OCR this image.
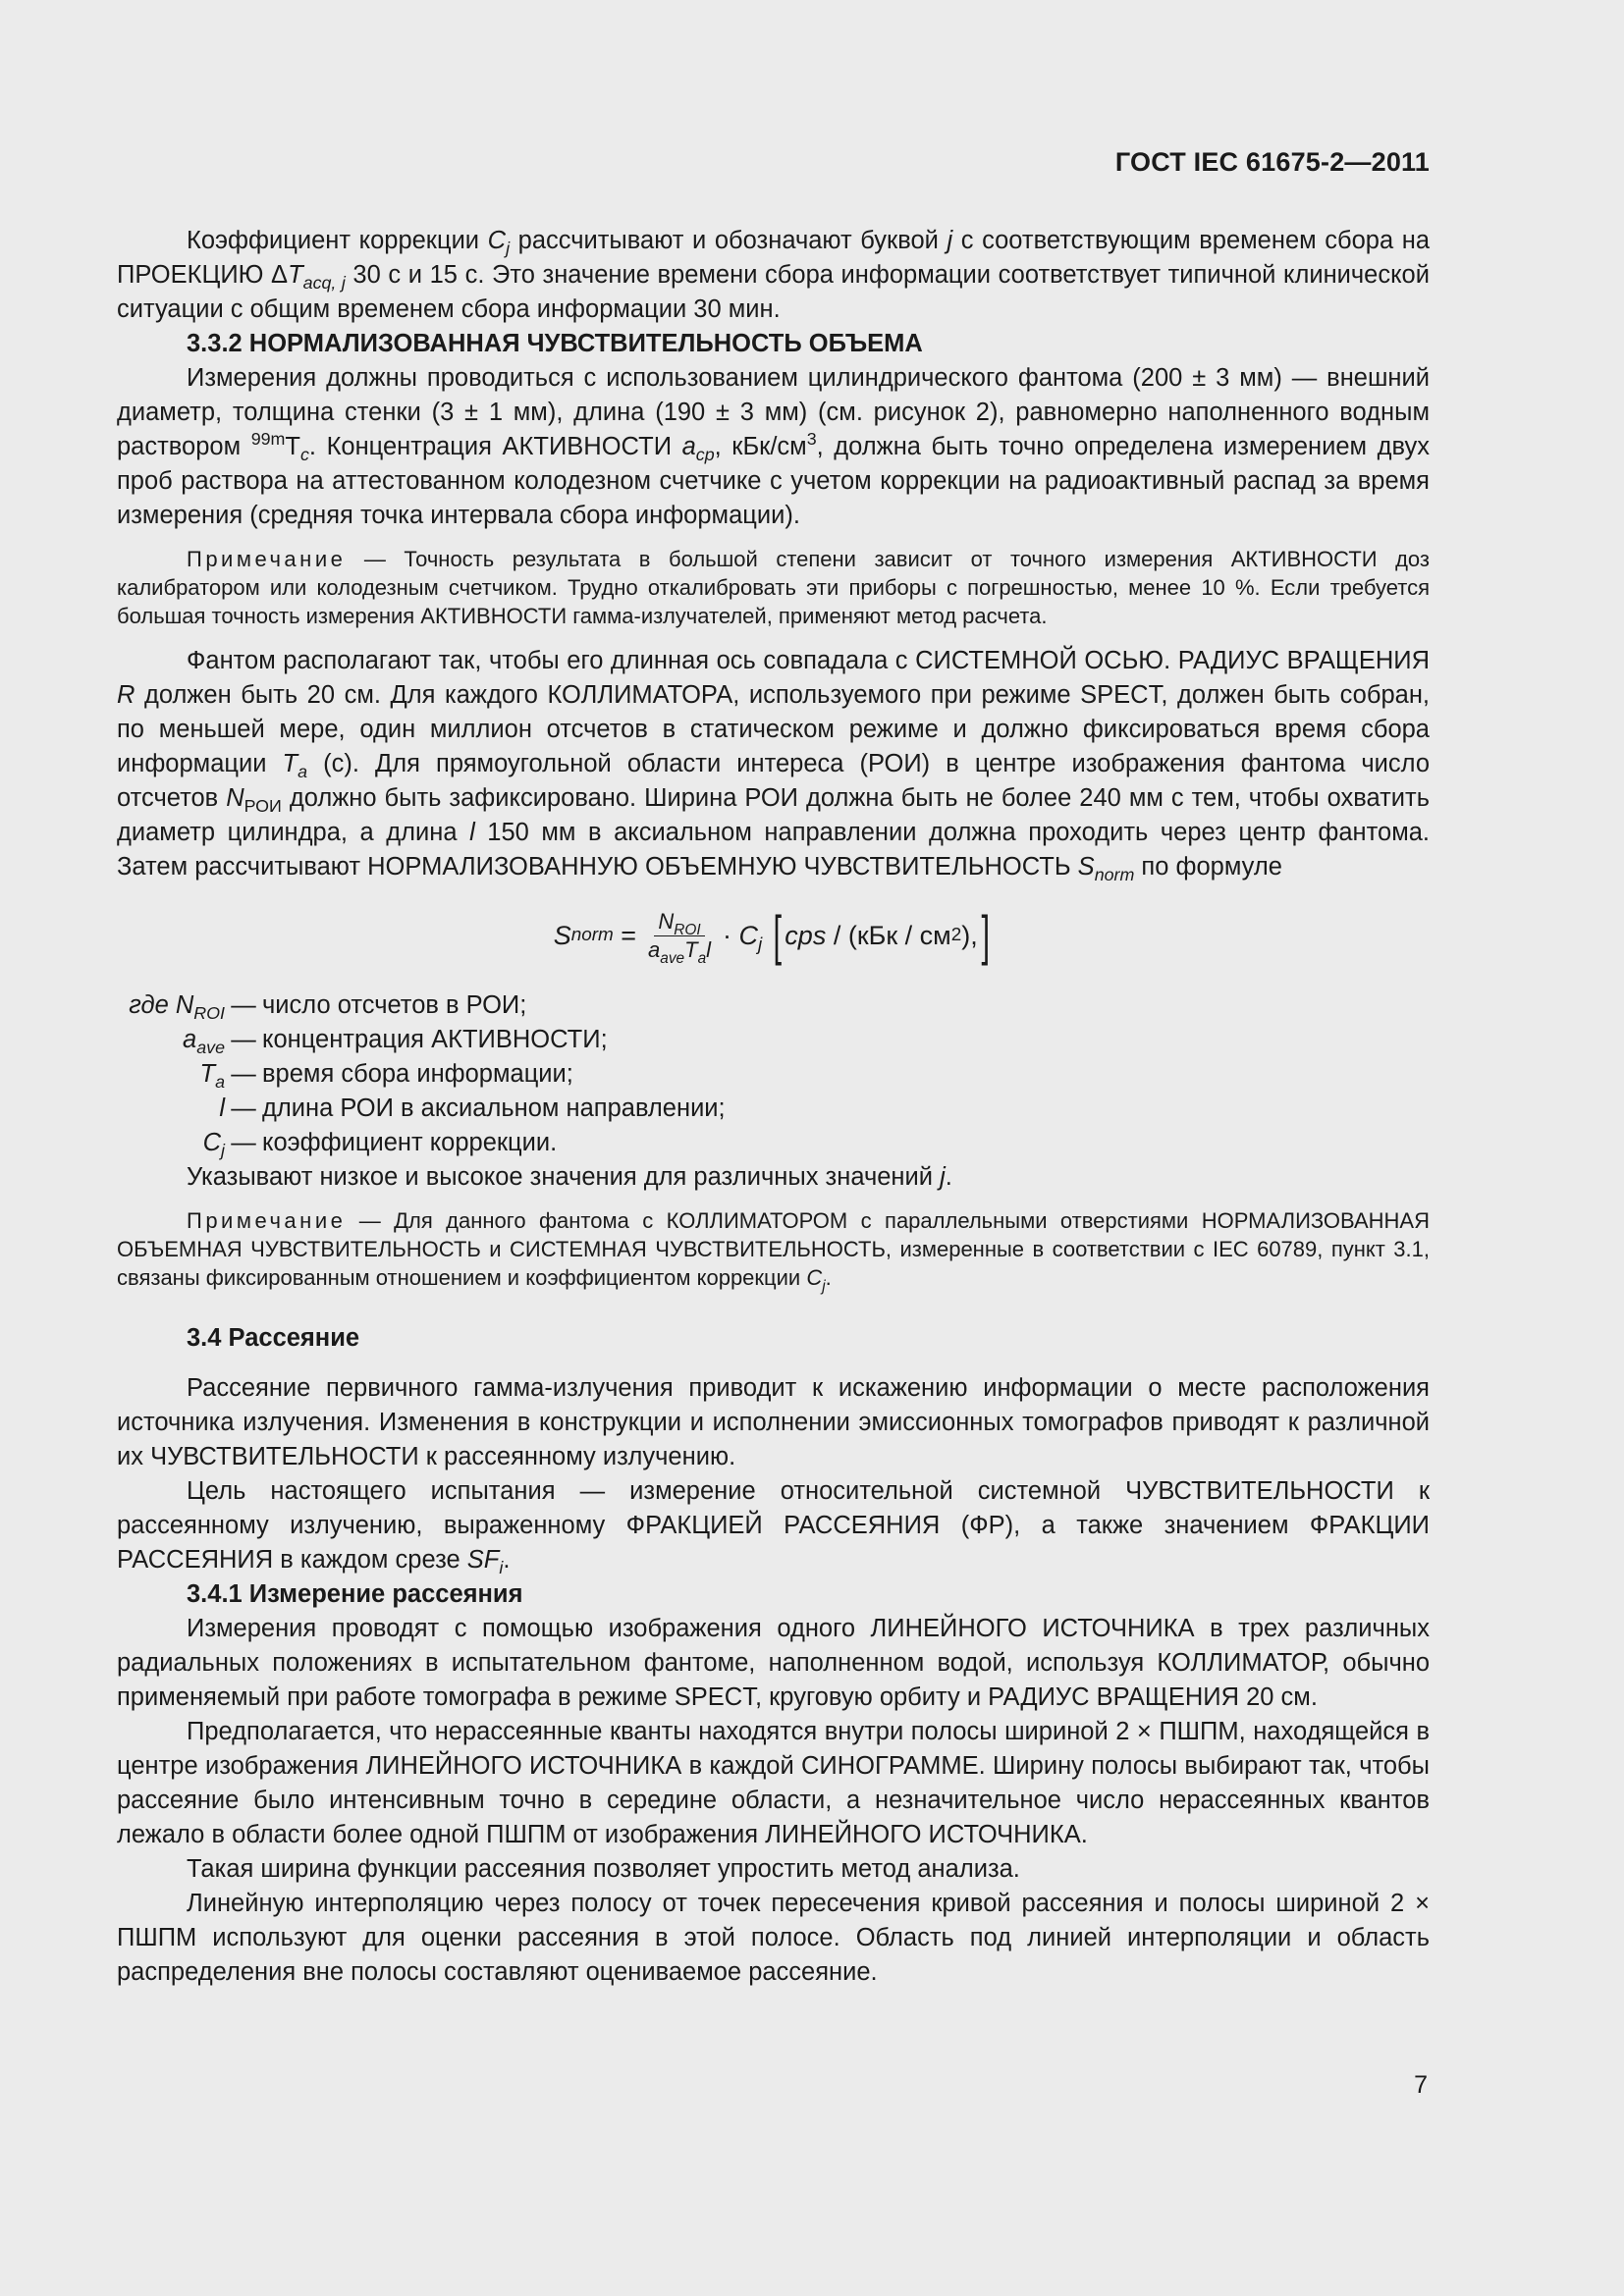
ГОСТ IEC 61675-2—2011

Коэффициент коррекции $C_j$ рассчитывают и обозначают буквой j с соответствующим временем сбора на ПРОЕКЦИЮ $\Delta T_{acq, j}$ 30 с и 15 с. Это значение времени сбора информации соответствует типичной клинической ситуации с общим временем сбора информации 30 мин.

3.3.2 НОРМАЛИЗОВАННАЯ ЧУВСТВИТЕЛЬНОСТЬ ОБЪЕМА

Измерения должны проводиться с использованием цилиндрического фантома (200 ± 3 мм) — внешний диаметр, толщина стенки (3 ± 1 мм), длина (190 ± 3 мм) (см. рисунок 2), равномерно наполненного водным раствором $^{99m}T_c$. Концентрация АКТИВНОСТИ $a_{cp}$, кБк/$см^3$, должна быть точно определена измерением двух проб раствора на аттестованном колодезном счетчике с учетом коррекции на радиоактивный распад за время измерения (средняя точка интервала сбора информации).

Примечание — Точность результата в большой степени зависит от точного измерения АКТИВНОСТИ доз калибратором или колодезным счетчиком. Трудно откалибровать эти приборы с погрешностью, менее 10 %. Если требуется большая точность измерения АКТИВНОСТИ гамма-излучателей, применяют метод расчета.

Фантом располагают так, чтобы его длинная ось совпадала с СИСТЕМНОЙ ОСЬЮ. РАДИУС ВРАЩЕНИЯ R должен быть 20 см. Для каждого КОЛЛИМАТОРА, используемого при режиме SPECT, должен быть собран, по меньшей мере, один миллион отсчетов в статическом режиме и должно фиксироваться время сбора информации $T_a$ (с). Для прямоугольной области интереса (РОИ) в центре изображения фантома число отсчетов $N_{РОИ}$ должно быть зафиксировано. Ширина РОИ должна быть не более 240 мм с тем, чтобы охватить диаметр цилиндра, а длина l 150 мм в аксиальном направлении должна проходить через центр фантома. Затем рассчитывают НОРМАЛИЗОВАННУЮ ОБЪЕМНУЮ ЧУВСТВИТЕЛЬНОСТЬ $S_{norm}$ по формуле

S norm = $\frac{N_{ROI}}{a_{ave}T_al} \cdot C_j$
[ cps / (кБк / см 2 ), ]
где $N_{ROI}$ — число отсчетов в РОИ;
$a_{ave}$ — концентрация АКТИВНОСТИ;
$T_a$ — время сбора информации;
l — длина РОИ в аксиальном направлении;
$C_j$ — коэффициент коррекции.

Указывают низкое и высокое значения для различных значений j.

Примечание — Для данного фантома с КОЛЛИМАТОРОМ с параллельными отверстиями НОРМАЛИЗОВАННАЯ ОБЪЕМНАЯ ЧУВСТВИТЕЛЬНОСТЬ и СИСТЕМНАЯ ЧУВСТВИТЕЛЬНОСТЬ, измеренные в соответствии с IEC 60789, пункт 3.1, связаны фиксированным отношением и коэффициентом коррекции $C_j$.
3.4 Рассеяние

Рассеяние первичного гамма-излучения приводит к искажению информации о месте расположения источника излучения. Изменения в конструкции и исполнении эмиссионных томографов приводят к различной их ЧУВСТВИТЕЛЬНОСТИ к рассеянному излучению.

Цель настоящего испытания — измерение относительной системной ЧУВСТВИТЕЛЬНОСТИ к рассеянному излучению, выраженному ФРАКЦИЕЙ РАССЕЯНИЯ (ФР), а также значением ФРАКЦИИ РАССЕЯНИЯ в каждом срезе $SF_i$.

3.4.1 Измерение рассеяния

Измерения проводят с помощью изображения одного ЛИНЕЙНОГО ИСТОЧНИКА в трех различных радиальных положениях в испытательном фантоме, наполненном водой, используя КОЛЛИМАТОР, обычно применяемый при работе томографа в режиме SPECT, круговую орбиту и РАДИУС ВРАЩЕНИЯ 20 см.

Предполагается, что нерассеянные кванты находятся внутри полосы шириной 2 × ПШПМ, находящейся в центре изображения ЛИНЕЙНОГО ИСТОЧНИКА в каждой СИНОГРАММЕ. Ширину полосы выбирают так, чтобы рассеяние было интенсивным точно в середине области, а незначительное число нерассеянных квантов лежало в области более одной ПШПМ от изображения ЛИНЕЙНОГО ИСТОЧНИКА.

Такая ширина функции рассеяния позволяет упростить метод анализа.

Линейную интерполяцию через полосу от точек пересечения кривой рассеяния и полосы шириной 2 × ПШПМ используют для оценки рассеяния в этой полосе. Область под линией интерполяции и область распределения вне полосы составляют оцениваемое рассеяние.

7
